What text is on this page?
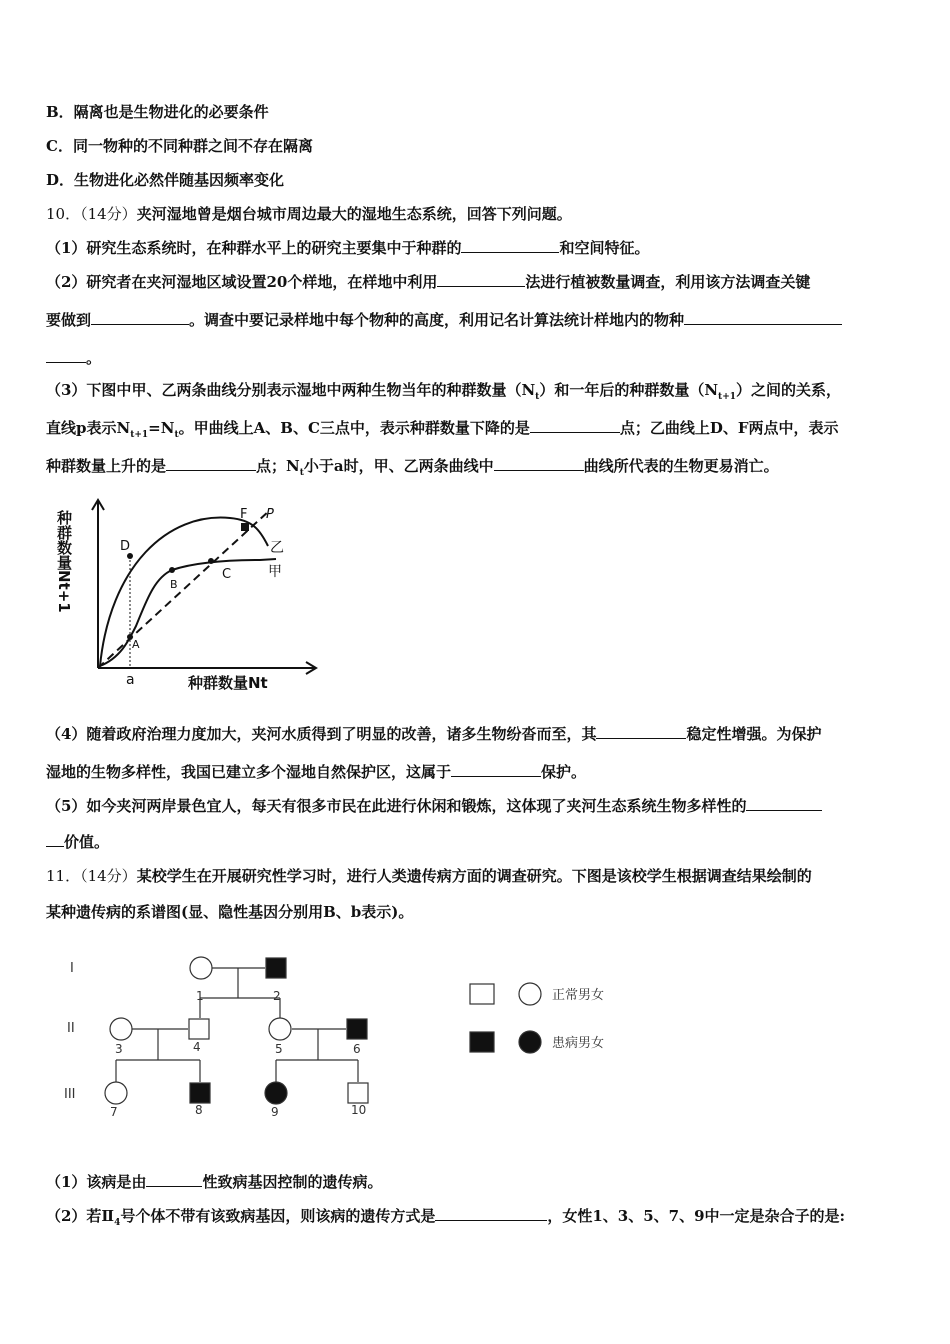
B．隔离也是生物进化的必要条件
C．同一物种的不同种群之间不存在隔离
D．生物进化必然伴随基因频率变化
10．（14分）夹河湿地曾是烟台城市周边最大的湿地生态系统，回答下列问题。
（1）研究生态系统时，在种群水平上的研究主要集中于种群的	和空间特征。
（2）研究者在夹河湿地区域设置20个样地，在样地中利用	法进行植被数量调查，利用该方法调查关键
要做到	。调查中要记录样地中每个物种的高度，利用记名计算法统计样地内的物种
。
（3）下图中甲、乙两条曲线分别表示湿地中两种生物当年的种群数量$(N_t)$和一年后的种群数量$(N_{t+1})$之间的关系，
直线p表示$N_{t+1}=N_t$。甲曲线上A、B、C三点中，表示种群数量下降的是	点；乙曲线上D、F两点中，表示
种群数量上升的是	点；$N_t$小于a时，甲、乙两条曲线中	曲线所代表的生物更易消亡。
种群数量Nt+1
种群数量Nt
a
P
乙
甲
A
B
C
D
F
（4）随着政府治理力度加大，夹河水质得到了明显的改善，诸多生物纷沓而至，其	稳定性增强。为保护
湿地的生物多样性，我国已建立多个湿地自然保护区，这属于	保护。
（5）如今夹河两岸景色宜人，每天有很多市民在此进行休闲和锻炼，这体现了夹河生态系统生物多样性的
价值。
11．（14分）某校学生在开展研究性学习时，进行人类遗传病方面的调查研究。下图是该校学生根据调查结果绘制的
某种遗传病的系谱图(显、隐性基因分别用B、b表示)。
I
II
III
1	2
3	4	5	6
7	8	9	10
正常男女
患病男女
（1）该病是由	性致病基因控制的遗传病。
（2）若$Ⅱ_4$号个体不带有该致病基因，则该病的遗传方式是	，女性1、3、5、7、9中一定是杂合子的是:
